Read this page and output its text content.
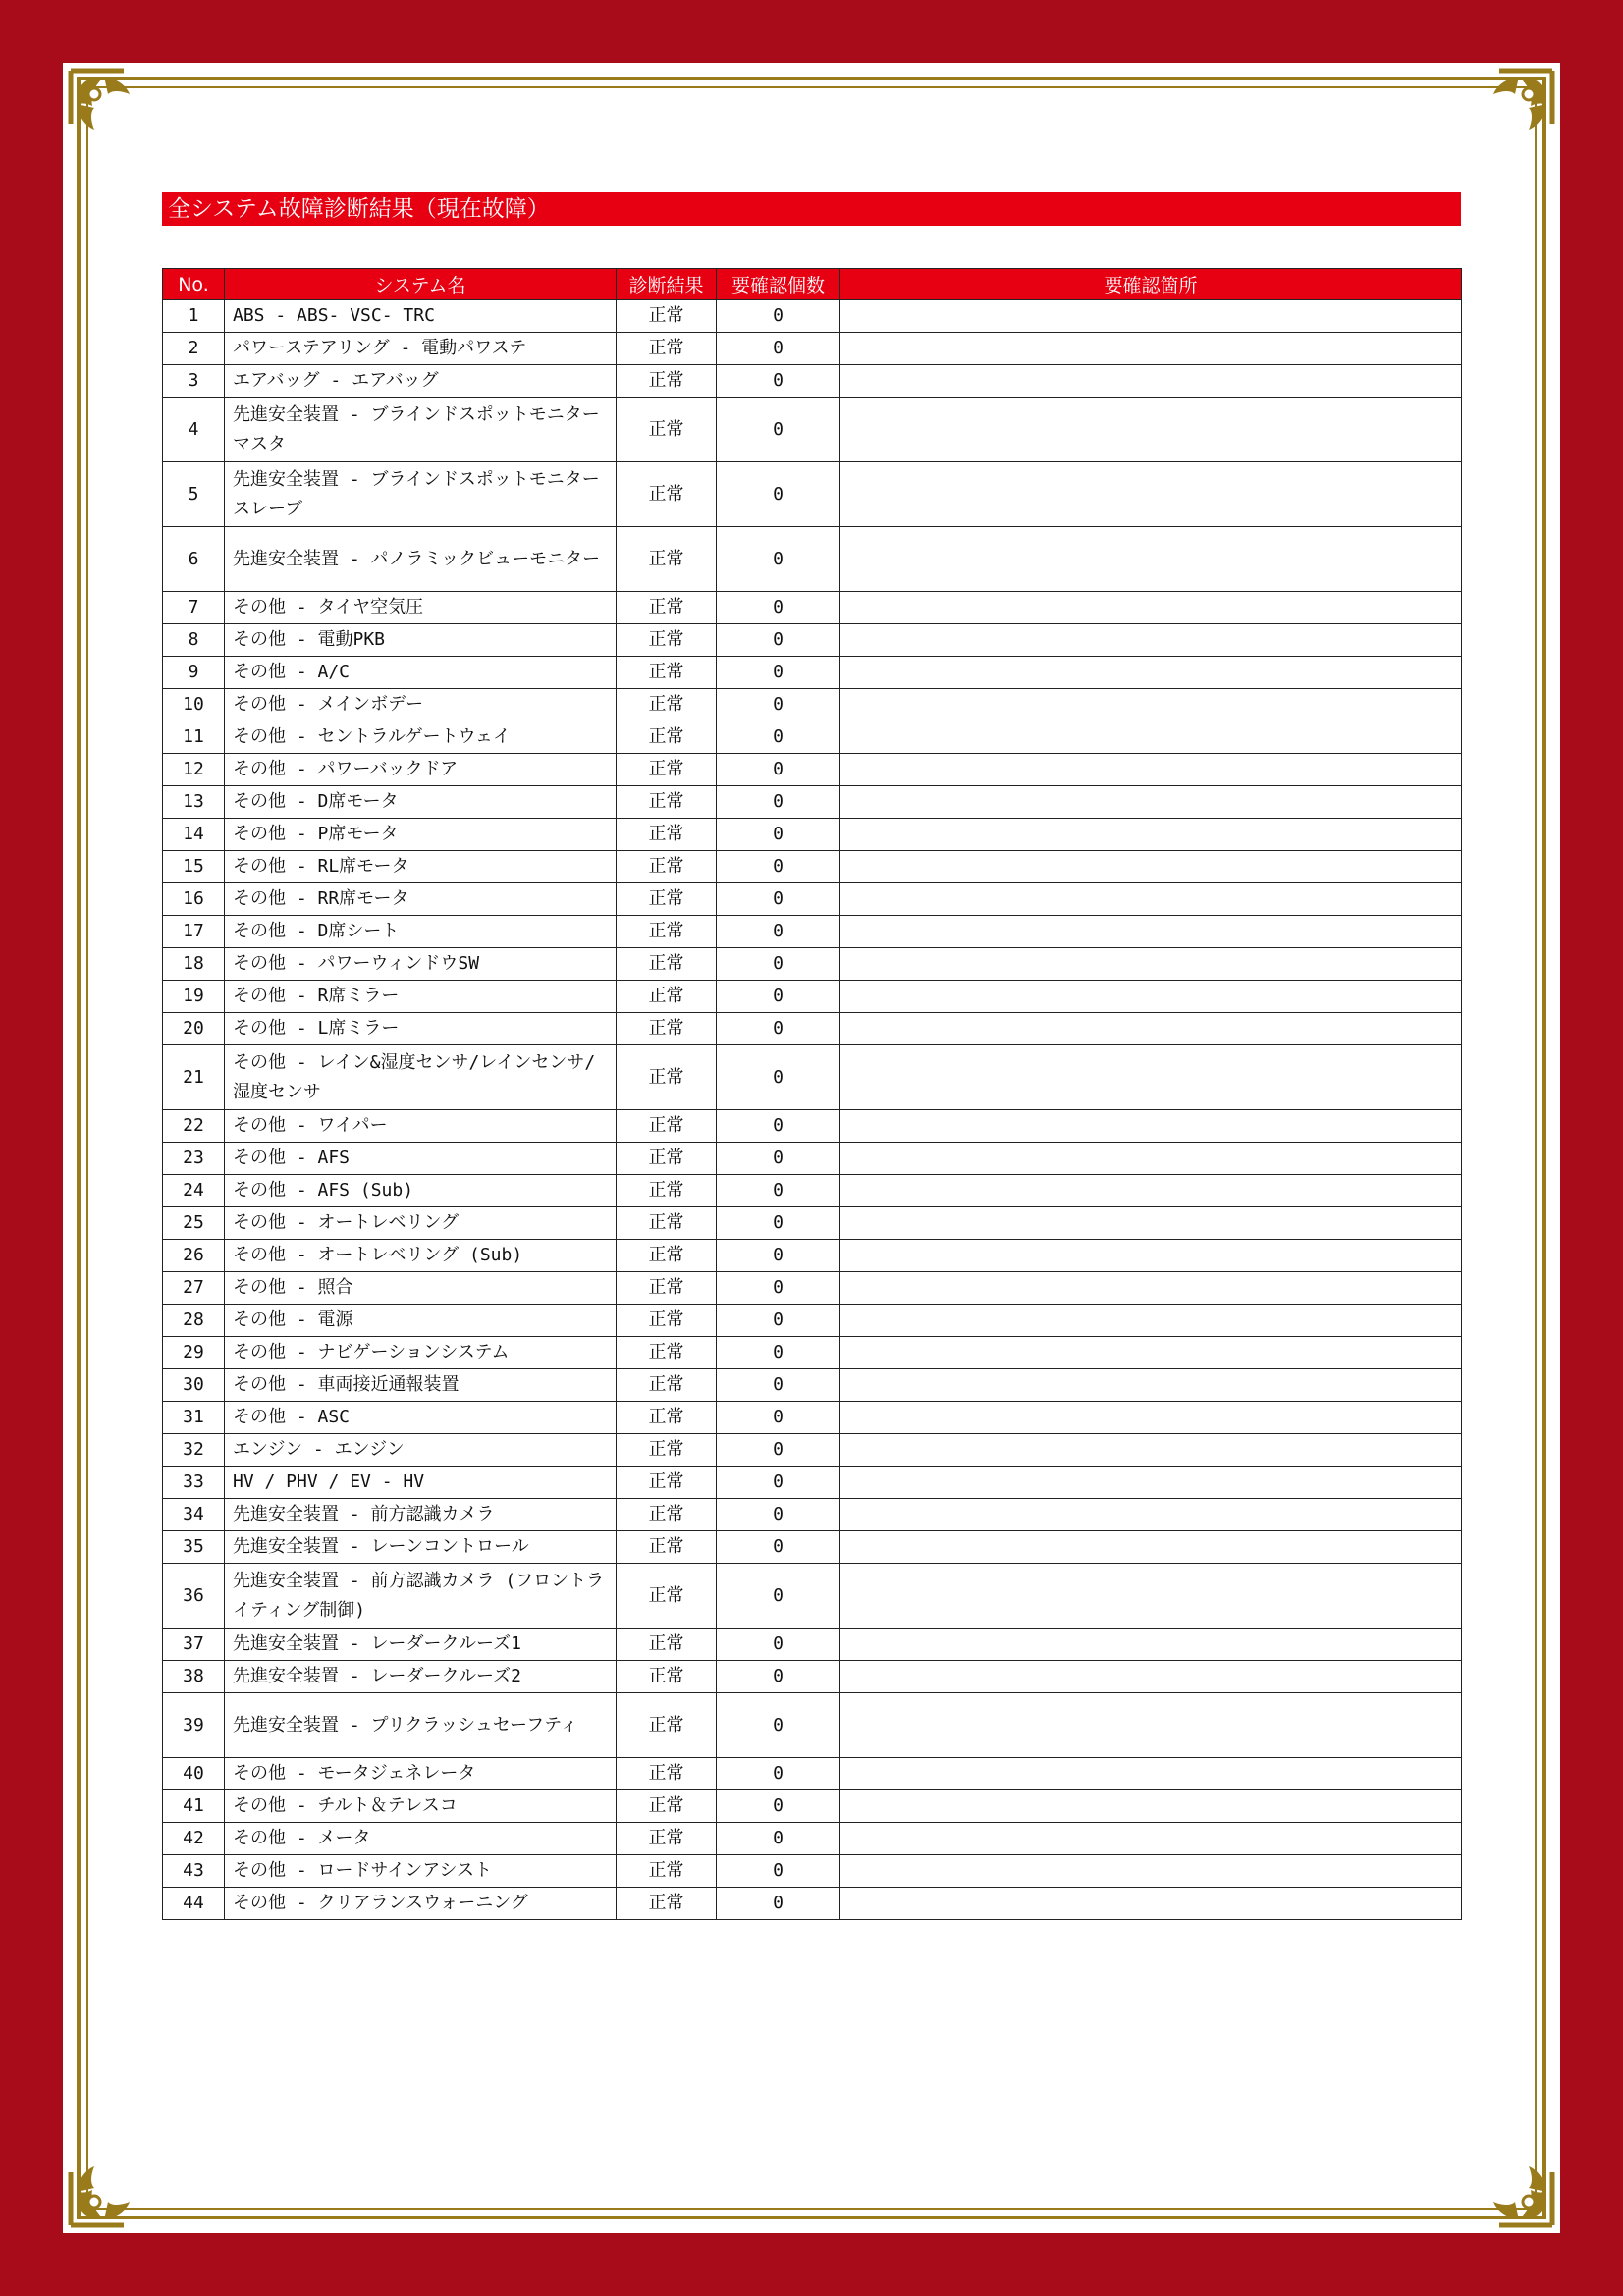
全システム故障診断結果（現在故障）
No.	システム名	診断結果	要確認個数	要確認箇所
1	ABS - ABS- VSC- TRC	正常	0	
2	パワーステアリング - 電動パワステ	正常	0	
3	エアバッグ - エアバッグ	正常	0	
4	先進安全装置 - ブラインドスポットモニター マスタ	正常	0	
5	先進安全装置 - ブラインドスポットモニター スレーブ	正常	0	
6	先進安全装置 - パノラミックビューモニター	正常	0	
7	その他 - タイヤ空気圧	正常	0	
8	その他 - 電動PKB	正常	0	
9	その他 - A/C	正常	0	
10	その他 - メインボデー	正常	0	
11	その他 - セントラルゲートウェイ	正常	0	
12	その他 - パワーバックドア	正常	0	
13	その他 - D席モータ	正常	0	
14	その他 - P席モータ	正常	0	
15	その他 - RL席モータ	正常	0	
16	その他 - RR席モータ	正常	0	
17	その他 - D席シート	正常	0	
18	その他 - パワーウィンドウSW	正常	0	
19	その他 - R席ミラー	正常	0	
20	その他 - L席ミラー	正常	0	
21	その他 - レイン&湿度センサ/レインセンサ/湿度センサ	正常	0	
22	その他 - ワイパー	正常	0	
23	その他 - AFS	正常	0	
24	その他 - AFS (Sub)	正常	0	
25	その他 - オートレベリング	正常	0	
26	その他 - オートレベリング (Sub)	正常	0	
27	その他 - 照合	正常	0	
28	その他 - 電源	正常	0	
29	その他 - ナビゲーションシステム	正常	0	
30	その他 - 車両接近通報装置	正常	0	
31	その他 - ASC	正常	0	
32	エンジン - エンジン	正常	0	
33	HV / PHV / EV - HV	正常	0	
34	先進安全装置 - 前方認識カメラ	正常	0	
35	先進安全装置 - レーンコントロール	正常	0	
36	先進安全装置 - 前方認識カメラ (フロントライティング制御)	正常	0	
37	先進安全装置 - レーダークルーズ1	正常	0	
38	先進安全装置 - レーダークルーズ2	正常	0	
39	先進安全装置 - プリクラッシュセーフティ	正常	0	
40	その他 - モータジェネレータ	正常	0	
41	その他 - チルト＆テレスコ	正常	0	
42	その他 - メータ	正常	0	
43	その他 - ロードサインアシスト	正常	0	
44	その他 - クリアランスウォーニング	正常	0	
